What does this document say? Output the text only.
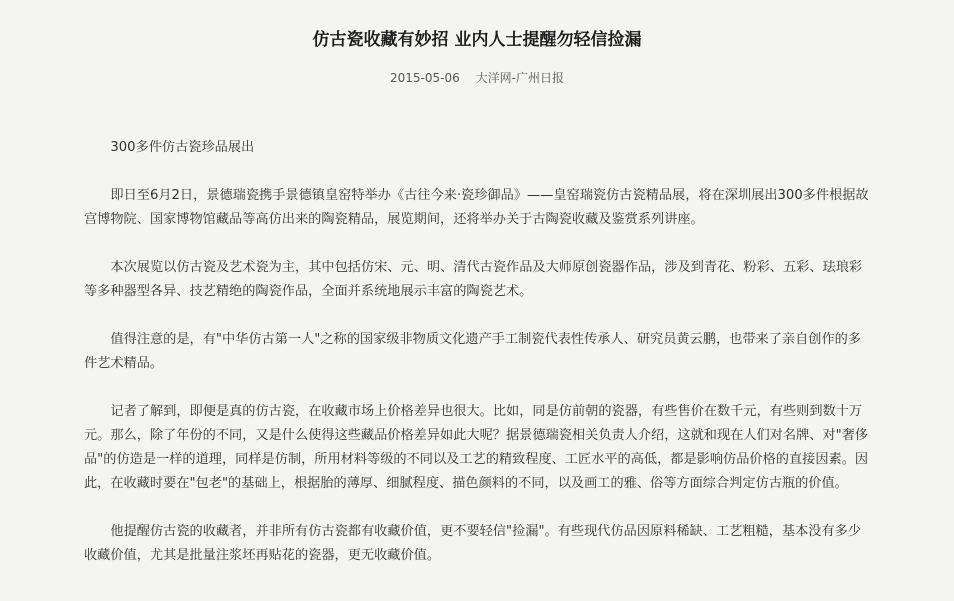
仿古瓷收藏有妙招 业内人士提醒勿轻信捡漏
2015-05-06 大洋网-广州日报

300多件仿古瓷珍品展出

即日至6月2日，景德瑞瓷携手景德镇皇窑特举办《古往今来·瓷珍御品》——皇窑瑞瓷仿古瓷精品展，将在深圳展出300多件根据故宫博物院、国家博物馆藏品等高仿出来的陶瓷精品，展览期间，还将举办关于古陶瓷收藏及鉴赏系列讲座。

本次展览以仿古瓷及艺术瓷为主，其中包括仿宋、元、明、清代古瓷作品及大师原创瓷器作品，涉及到青花、粉彩、五彩、珐琅彩等多种器型各异、技艺精绝的陶瓷作品，全面并系统地展示丰富的陶瓷艺术。

值得注意的是，有"中华仿古第一人"之称的国家级非物质文化遗产手工制瓷代表性传承人、研究员黄云鹏，也带来了亲自创作的多件艺术精品。

记者了解到，即便是真的仿古瓷，在收藏市场上价格差异也很大。比如，同是仿前朝的瓷器，有些售价在数千元，有些则到数十万元。那么，除了年份的不同，又是什么使得这些藏品价格差异如此大呢？据景德瑞瓷相关负责人介绍，这就和现在人们对名牌、对"奢侈品"的仿造是一样的道理，同样是仿制，所用材料等级的不同以及工艺的精致程度、工匠水平的高低，都是影响仿品价格的直接因素。因此，在收藏时要在"包老"的基础上，根据胎的薄厚、细腻程度、描色颜料的不同，以及画工的雅、俗等方面综合判定仿古瓶的价值。

他提醒仿古瓷的收藏者，并非所有仿古瓷都有收藏价值，更不要轻信"捡漏"。有些现代仿品因原料稀缺、工艺粗糙，基本没有多少收藏价值，尤其是批量注浆坯再贴花的瓷器，更无收藏价值。
